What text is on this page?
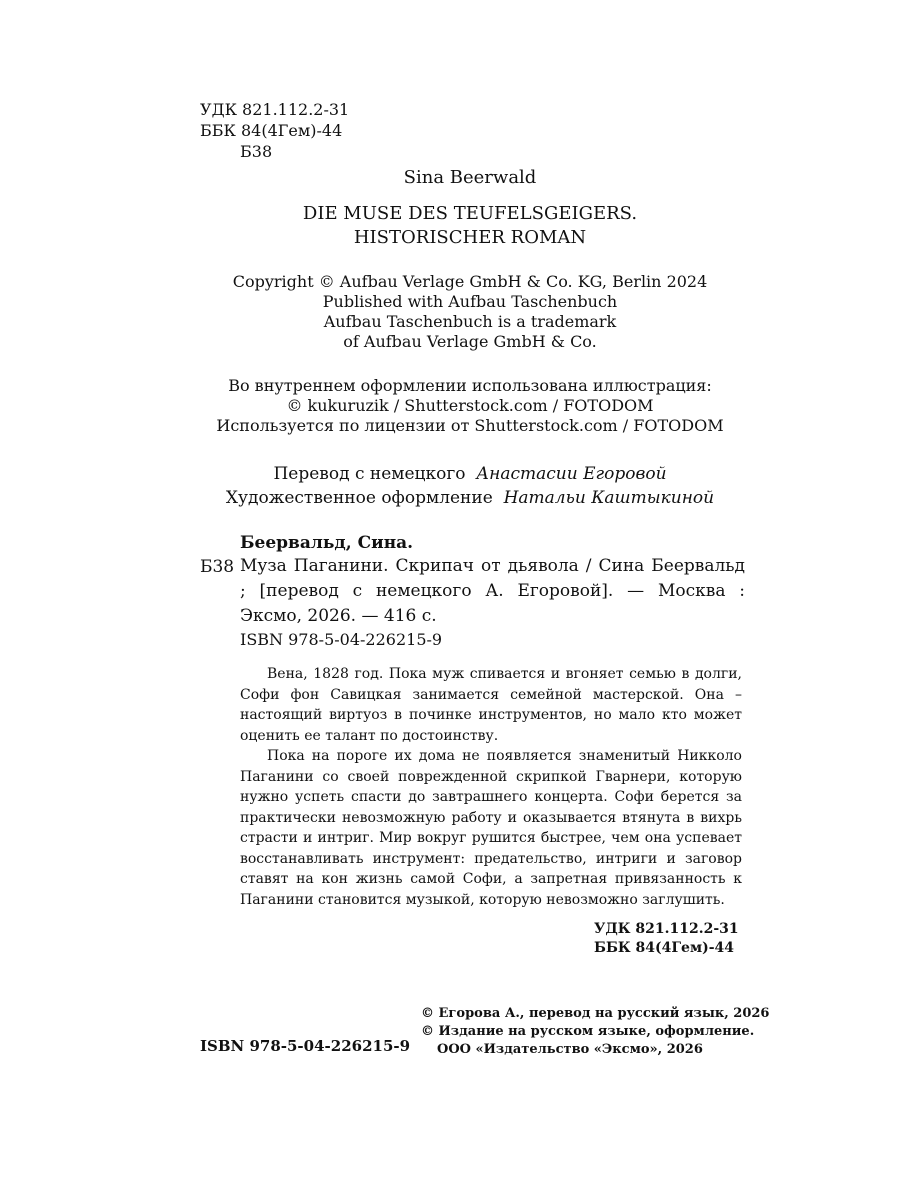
УДК 821.112.2-31
ББК 84(4Гем)-44
Б38
Sina Beerwald
DIE MUSE DES TEUFELSGEIGERS.
HISTORISCHER ROMAN
Copyright © Aufbau Verlage GmbH & Co. KG, Berlin 2024
Published with Aufbau Taschenbuch
Aufbau Taschenbuch is a trademark
of Aufbau Verlage GmbH & Co.
Во внутреннем оформлении использована иллюстрация:
© kukuruzik / Shutterstock.com / FOTODOM
Используется по лицензии от Shutterstock.com / FOTODOM
Перевод с немецкого Анастасии Егоровой
Художественное оформление Натальи Каштыкиной
Беервальд, Сина.
Б38 Муза Паганини. Скрипач от дьявола / Сина Беервальд ; [перевод с немецкого А. Егоровой]. — Москва : Эксмо, 2026. — 416 с.
ISBN 978-5-04-226215-9

Вена, 1828 год. Пока муж спивается и вгоняет семью в долги, Софи фон Савицкая занимается семейной мастерской. Она – настоящий виртуоз в починке инструментов, но мало кто может оценить ее талант по достоинству.

Пока на пороге их дома не появляется знаменитый Никколо Паганини со своей поврежденной скрипкой Гварнери, которую нужно успеть спасти до завтрашнего концерта. Софи берется за практически невозможную работу и оказывается втянута в вихрь страсти и интриг. Мир вокруг рушится быстрее, чем она успевает восстанавливать инструмент: предательство, интриги и заговор ставят на кон жизнь самой Софи, а запретная привязанность к Паганини становится музыкой, которую невозможно заглушить.

УДК 821.112.2-31
ББК 84(4Гем)-44
© Егорова А., перевод на русский язык, 2026
© Издание на русском языке, оформление.
ООО «Издательство «Эксмо», 2026
ISBN 978-5-04-226215-9
